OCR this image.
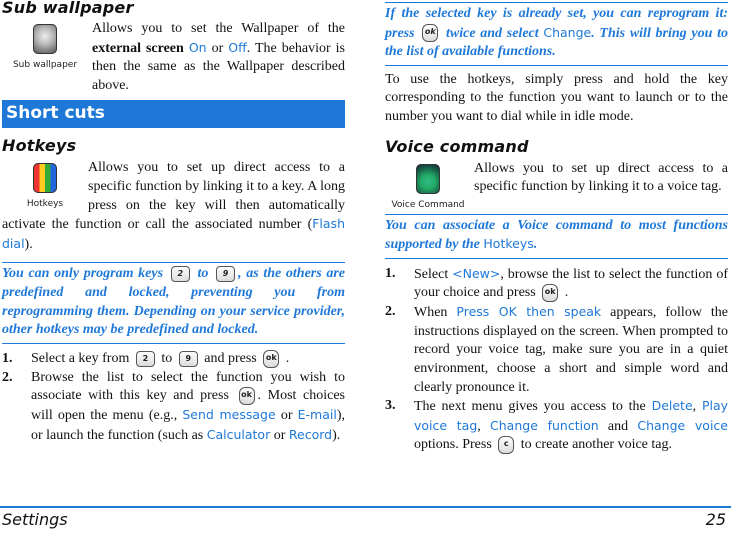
Sub wallpaper
Sub wallpaper

Allows you to set the Wallpaper of the external screen On or Off. The behavior is then the same as the Wallpaper described above.

Short cuts
Hotkeys
Hotkeys

Allows you to set up direct access to a specific function by linking it to a key. A long press on the key will then automatically activate the function or call the associated number (Flash dial).

You can only program keys 2 to 9 , as the others are predefined and locked, preventing you from reprogramming them. Depending on your service provider, other hotkeys may be predefined and locked.
1. Select a key from 2 to 9 and press ok .
2. Browse the list to select the function you wish to associate with this key and press ok . Most choices will open the menu (e.g., Send message or E-mail), or launch the function (such as Calculator or Record).
If the selected key is already set, you can reprogram it: press ok twice and select Change. This will bring you to the list of available functions.

To use the hotkeys, simply press and hold the key corresponding to the function you want to launch or to the number you want to dial while in idle mode.

Voice command
Voice Command

Allows you to set up direct access to a specific function by linking it to a voice tag.

You can associate a Voice command to most functions supported by the Hotkeys.
1. Select <New>, browse the list to select the function of your choice and press ok .
2. When Press OK then speak appears, follow the instructions displayed on the screen. When prompted to record your voice tag, make sure you are in a quiet environment, choose a short and simple word and clearly pronounce it.
3. The next menu gives you access to the Delete, Play voice tag, Change function and Change voice options. Press c to create another voice tag.
Settings	25
